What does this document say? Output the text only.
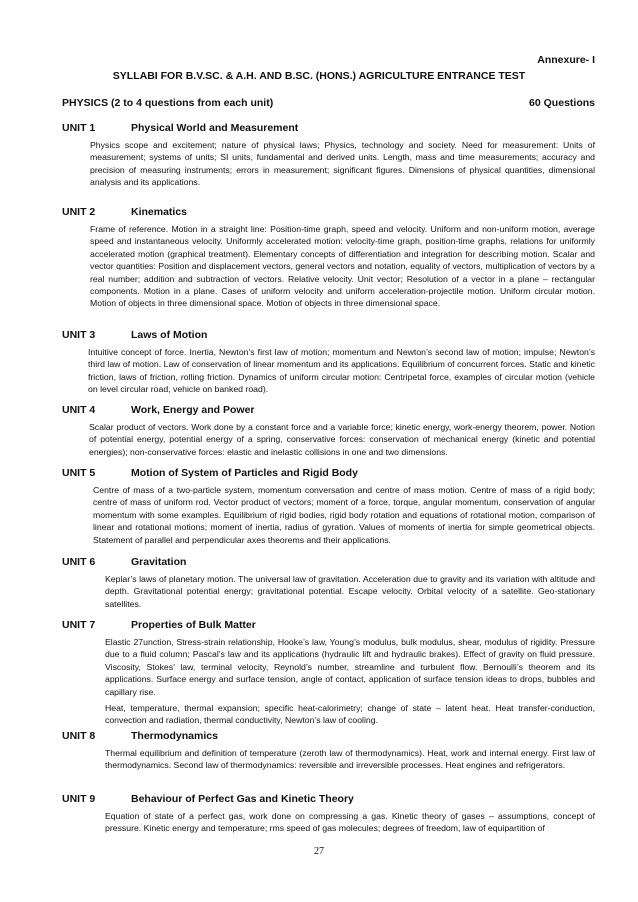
Annexure- I
SYLLABI FOR B.V.SC. & A.H. AND B.SC. (HONS.) AGRICULTURE ENTRANCE TEST
PHYSICS (2 to 4 questions from each unit)	60 Questions
UNIT 1	Physical World and Measurement

Physics scope and excitement; nature of physical laws; Physics, technology and society. Need for measurement: Units of measurement; systems of units; SI units, fundamental and derived units. Length, mass and time measurements; accuracy and precision of measuring instruments; errors in measurement; significant figures. Dimensions of physical quantities, dimensional analysis and its applications.

UNIT 2	Kinematics

Frame of reference. Motion in a straight line: Position-time graph, speed and velocity. Uniform and non-uniform motion, average speed and instantaneous velocity. Uniformly accelerated motion: velocity-time graph, position-time graphs, relations for uniformly accelerated motion (graphical treatment). Elementary concepts of differentiation and integration for describing motion. Scalar and vector quantities: Position and displacement vectors, general vectors and notation, equality of vectors, multiplication of vectors by a real number; addition and subtraction of vectors. Relative velocity. Unit vector; Resolution of a vector in a plane – rectangular components. Motion in a plane. Cases of uniform velocity and uniform acceleration-projectile motion. Uniform circular motion. Motion of objects in three dimensional space. Motion of objects in three dimensional space.

UNIT 3	Laws of Motion

Intuitive concept of force. Inertia, Newton’s first law of motion; momentum and Newton’s second law of motion; impulse; Newton’s third law of motion. Law of conservation of linear momentum and its applications. Equilibrium of concurrent forces. Static and kinetic friction, laws of friction, rolling friction. Dynamics of uniform circular motion: Centripetal force, examples of circular motion (vehicle on level circular road, vehicle on banked road).

UNIT 4	Work, Energy and Power

Scalar product of vectors. Work done by a constant force and a variable force; kinetic energy, work-energy theorem, power. Notion of potential energy, potential energy of a spring, conservative forces: conservation of mechanical energy (kinetic and potential energies); non-conservative forces: elastic and inelastic collisions in one and two dimensions.

UNIT 5	Motion of System of Particles and Rigid Body

Centre of mass of a two-particle system, momentum conversation and centre of mass motion. Centre of mass of a rigid body; centre of mass of uniform rod. Vector product of vectors; moment of a force, torque, angular momentum, conservation of angular momentum with some examples. Equilibrium of rigid bodies, rigid body rotation and equations of rotational motion, comparison of linear and rotational motions; moment of inertia, radius of gyration. Values of moments of inertia for simple geometrical objects. Statement of parallel and perpendicular axes theorems and their applications.

UNIT 6	Gravitation

Keplar’s laws of planetary motion. The universal law of gravitation. Acceleration due to gravity and its variation with altitude and depth. Gravitational potential energy; gravitational potential. Escape velocity. Orbital velocity of a satellite. Geo-stationary satellites.

UNIT 7	Properties of Bulk Matter

Elastic 27unction, Stress-strain relationship, Hooke’s law, Young’s modulus, bulk modulus, shear, modulus of rigidity. Pressure due to a fluid column; Pascal’s law and its applications (hydraulic lift and hydraulic brakes). Effect of gravity on fluid pressure. Viscosity, Stokes’ law, terminal velocity, Reynold’s number, streamline and turbulent flow. Bernoulli’s theorem and its applications. Surface energy and surface tension, angle of contact, application of surface tension ideas to drops, bubbles and capillary rise.

Heat, temperature, thermal expansion; specific heat-calorimetry; change of state – latent heat. Heat transfer-conduction, convection and radiation, thermal conductivity, Newton’s law of cooling.

UNIT 8	Thermodynamics

Thermal equilibrium and definition of temperature (zeroth law of thermodynamics). Heat, work and internal energy. First law of thermodynamics. Second law of thermodynamics: reversible and irreversible processes. Heat engines and refrigerators.

UNIT 9	Behaviour of Perfect Gas and Kinetic Theory

Equation of state of a perfect gas, work done on compressing a gas. Kinetic theory of gases – assumptions, concept of pressure. Kinetic energy and temperature; rms speed of gas molecules; degrees of freedom, law of equipartition of

27
